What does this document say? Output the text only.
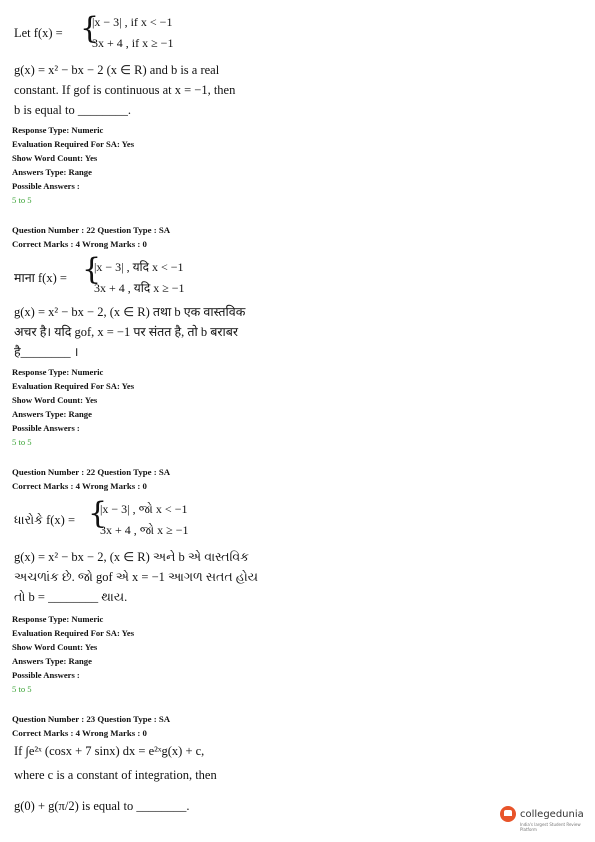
Let f(x) = {
|x − 3| , if x < −1
3x + 4 , if x ≥ −1
g(x) = x² − bx − 2 (x ∈ R) and b is a real
constant. If gof is continuous at x = −1, then
b is equal to ________.
Response Type: Numeric
Evaluation Required For SA: Yes
Show Word Count: Yes
Answers Type: Range
Possible Answers :
5 to 5
Question Number : 22 Question Type : SA
Correct Marks : 4 Wrong Marks : 0
माना f(x) = {
|x − 3| , यदि x < −1
3x + 4 , यदि x ≥ −1
g(x) = x² − bx − 2, (x ∈ R) तथा b एक वास्तविक
अचर है। यदि gof, x = −1 पर संतत है, तो b बराबर
है________ ।
Response Type: Numeric
Evaluation Required For SA: Yes
Show Word Count: Yes
Answers Type: Range
Possible Answers :
5 to 5
Question Number : 22 Question Type : SA
Correct Marks : 4 Wrong Marks : 0
ધારોકે f(x) = {
|x − 3| , જો x < −1
3x + 4 , જો x ≥ −1
g(x) = x² − bx − 2, (x ∈ R) અને b એ વાસ્તવિક
અચળાંક છે. જો gof એ x = −1 આગળ સતત હોય
તો b = ________ થાય.
Response Type: Numeric
Evaluation Required For SA: Yes
Show Word Count: Yes
Answers Type: Range
Possible Answers :
5 to 5
Question Number : 23 Question Type : SA
Correct Marks : 4 Wrong Marks : 0
If ∫e²ˣ (cosx + 7 sinx) dx = e²ˣg(x) + c,
where c is a constant of integration, then
g(0) + g(π/2) is equal to ________.
collegedunia
India's largest Student Review Platform
